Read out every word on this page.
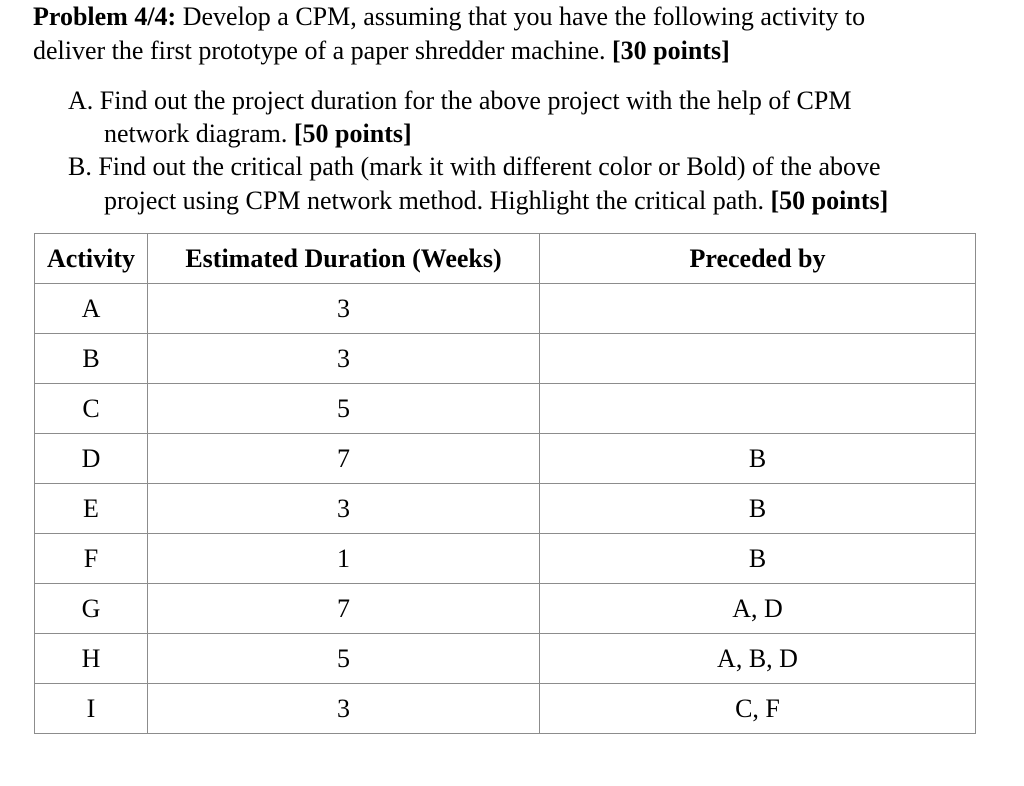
Problem 4/4: Develop a CPM, assuming that you have the following activity to
deliver the first prototype of a paper shredder machine. [30 points]
A. Find out the project duration for the above project with the help of CPM
network diagram. [50 points]
B. Find out the critical path (mark it with different color or Bold) of the above
project using CPM network method. Highlight the critical path. [50 points]
Activity	Estimated Duration (Weeks)	Preceded by
A	3	
B	3	
C	5	
D	7	B
E	3	B
F	1	B
G	7	A, D
H	5	A, B, D
I	3	C, F
